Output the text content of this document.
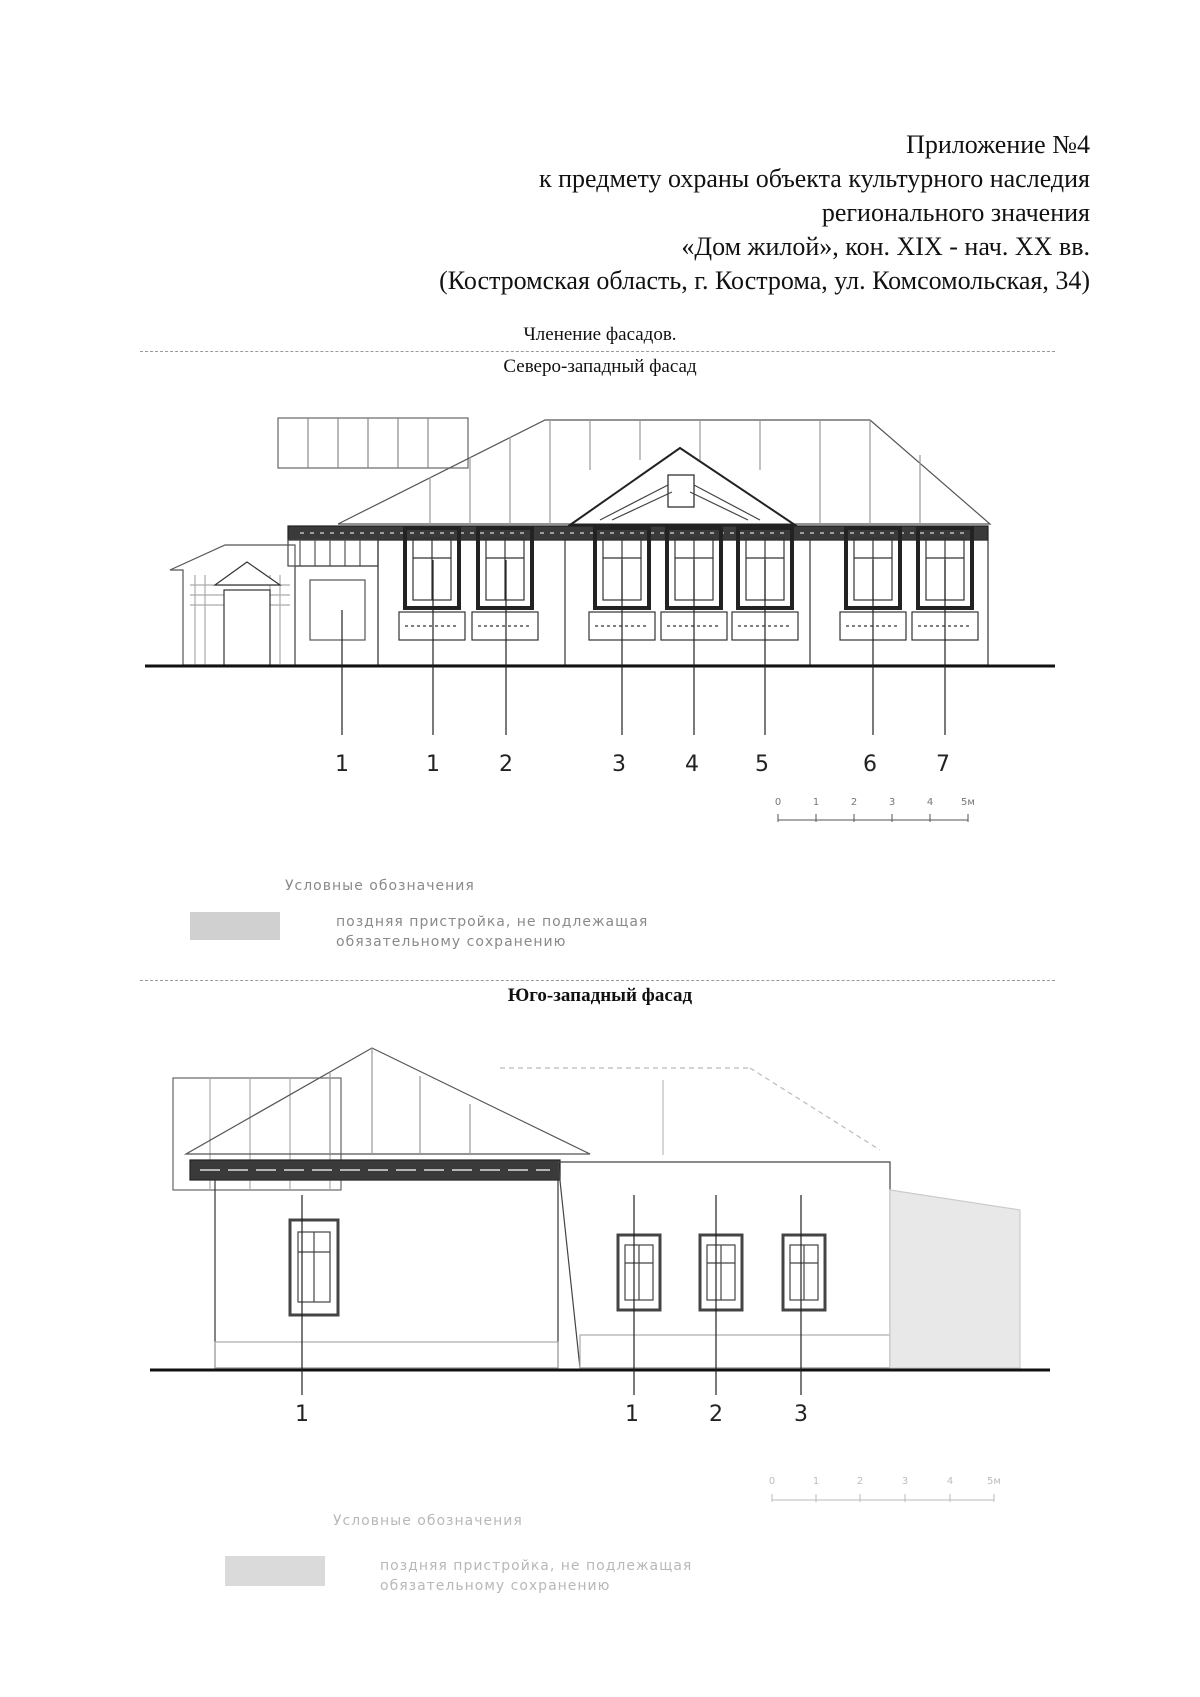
Приложение №4
к предмету охраны объекта культурного наследия
регионального значения
«Дом жилой», кон. XIX - нач. XX вв.
(Костромская область, г. Кострома, ул. Комсомольская, 34)
Членение фасадов.
Северо-западный фасад
1	1	2	3	4	5	6	7
0	1	2	3	4	5м
Условные обозначения
поздняя пристройка, не подлежащая
обязательному сохранению
Юго-западный фасад
1	1	2	3
0	1	2	3	4	5м
Условные обозначения
поздняя пристройка, не подлежащая
обязательному сохранению
